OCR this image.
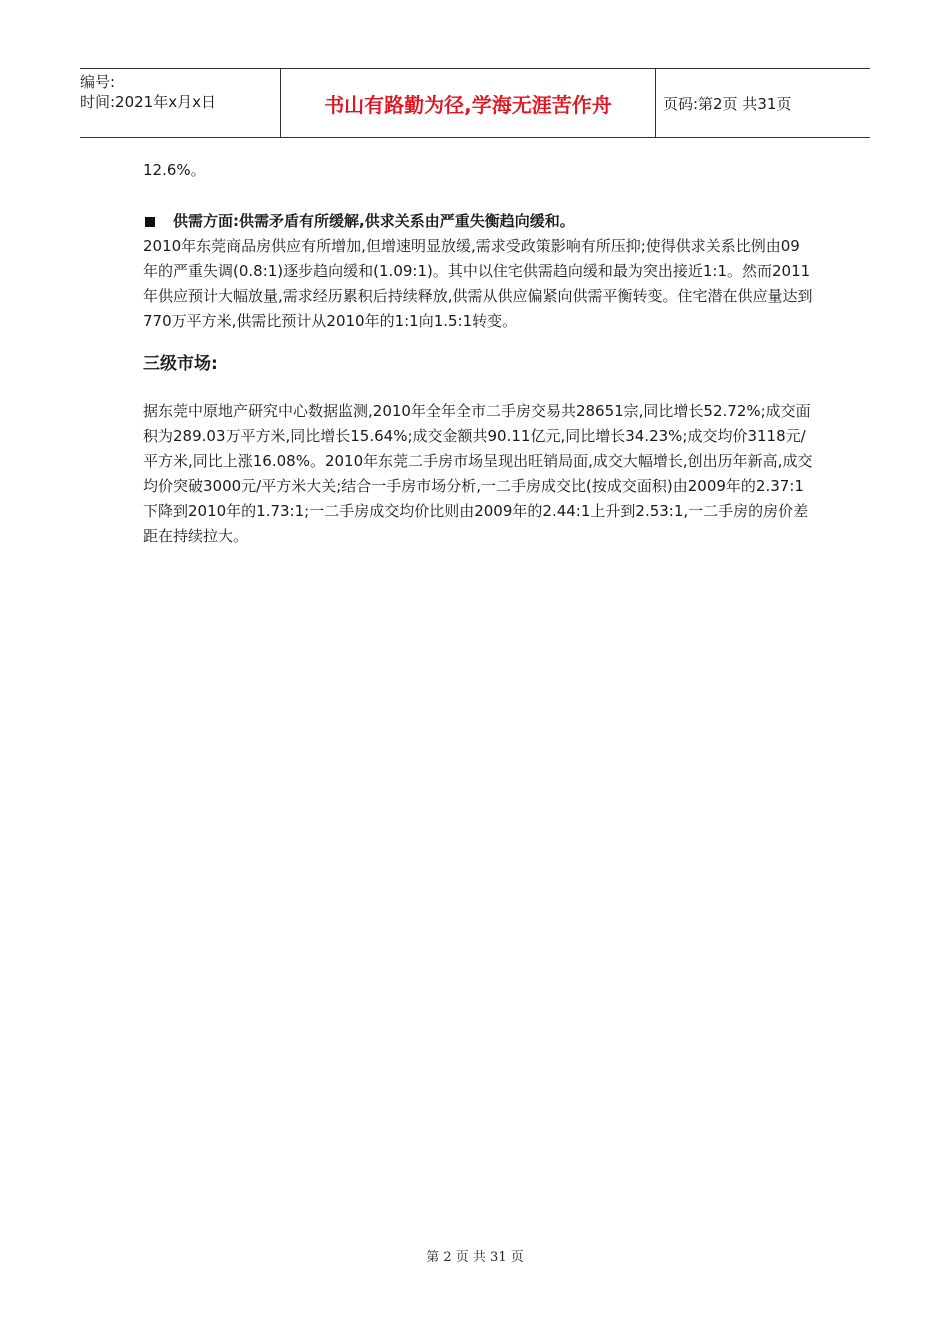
编号:
时间:2021年x月x日	书山有路勤为径,学海无涯苦作舟	页码:第2页 共31页

12.6%。

供需方面:供需矛盾有所缓解,供求关系由严重失衡趋向缓和。

2010年东莞商品房供应有所增加,但增速明显放缓,需求受政策影响有所压抑;使得供求关系比例由09年的严重失调(0.8:1)逐步趋向缓和(1.09:1)。其中以住宅供需趋向缓和最为突出接近1:1。然而2011年供应预计大幅放量,需求经历累积后持续释放,供需从供应偏紧向供需平衡转变。住宅潜在供应量达到770万平方米,供需比预计从2010年的1:1向1.5:1转变。

三级市场:

据东莞中原地产研究中心数据监测,2010年全年全市二手房交易共28651宗,同比增长52.72%;成交面积为289.03万平方米,同比增长15.64%;成交金额共90.11亿元,同比增长34.23%;成交均价3118元/平方米,同比上涨16.08%。2010年东莞二手房市场呈现出旺销局面,成交大幅增长,创出历年新高,成交均价突破3000元/平方米大关;结合一手房市场分析,一二手房成交比(按成交面积)由2009年的2.37:1下降到2010年的1.73:1;一二手房成交均价比则由2009年的2.44:1上升到2.53:1,一二手房的房价差距在持续拉大。

第 2 页 共 31 页
